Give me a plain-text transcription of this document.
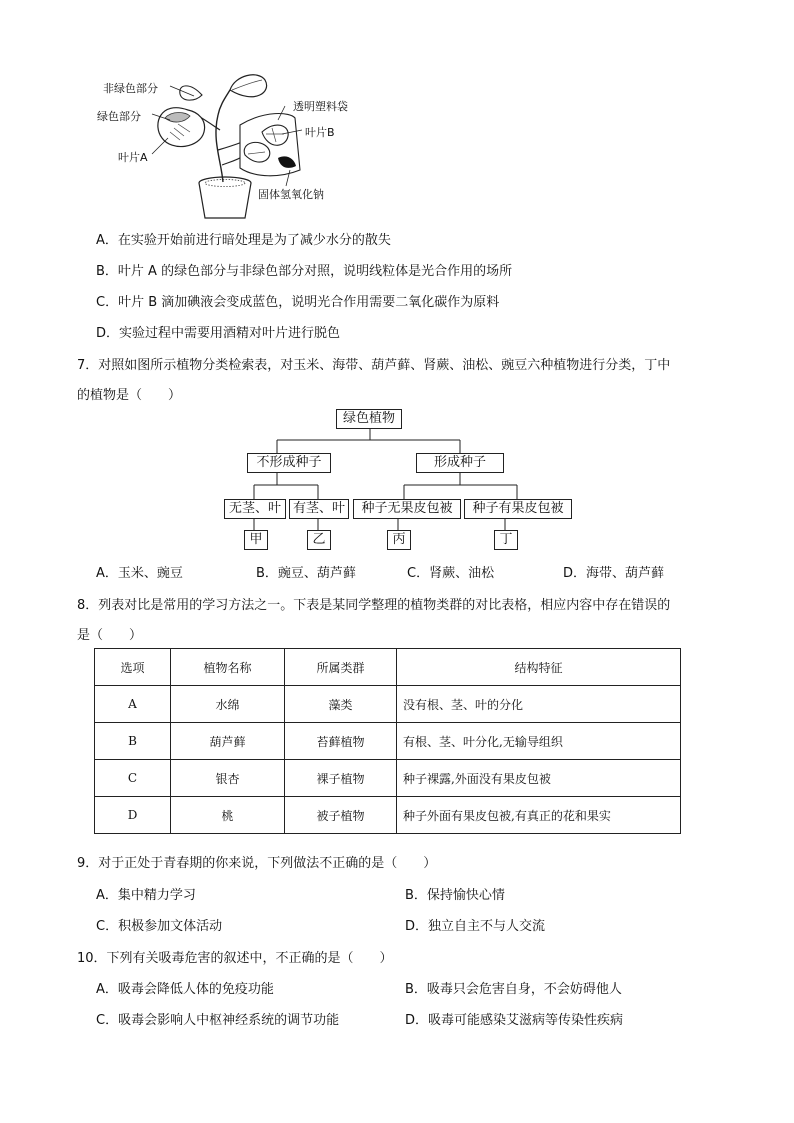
非绿色部分
绿色部分
叶片A
透明塑料袋
叶片B
固体氢氧化钠
A．在实验开始前进行暗处理是为了减少水分的散失
B．叶片 A 的绿色部分与非绿色部分对照，说明线粒体是光合作用的场所
C．叶片 B 滴加碘液会变成蓝色，说明光合作用需要二氧化碳作为原料
D．实验过程中需要用酒精对叶片进行脱色
7．对照如图所示植物分类检索表，对玉米、海带、葫芦藓、肾蕨、油松、豌豆六种植物进行分类，丁中
的植物是（　　）
绿色植物
不形成种子	形成种子
无茎、叶 有茎、叶	种子无果皮包被	种子有果皮包被
甲	乙	丙	丁
A．玉米、豌豆	B．豌豆、葫芦藓	C．肾蕨、油松	D．海带、葫芦藓
8．列表对比是常用的学习方法之一。下表是某同学整理的植物类群的对比表格，相应内容中存在错误的
是（　　）
选项	植物名称	所属类群	结构特征
A	水绵	藻类	没有根、茎、叶的分化
B	葫芦藓	苔藓植物	有根、茎、叶分化,无输导组织
C	银杏	裸子植物	种子裸露,外面没有果皮包被
D	桃	被子植物	种子外面有果皮包被,有真正的花和果实
9．对于正处于青春期的你来说，下列做法不正确的是（　　）
A．集中精力学习	B．保持愉快心情
C．积极参加文体活动	D．独立自主不与人交流
10．下列有关吸毒危害的叙述中，不正确的是（　　）
A．吸毒会降低人体的免疫功能	B．吸毒只会危害自身，不会妨碍他人
C．吸毒会影响人中枢神经系统的调节功能	D．吸毒可能感染艾滋病等传染性疾病
